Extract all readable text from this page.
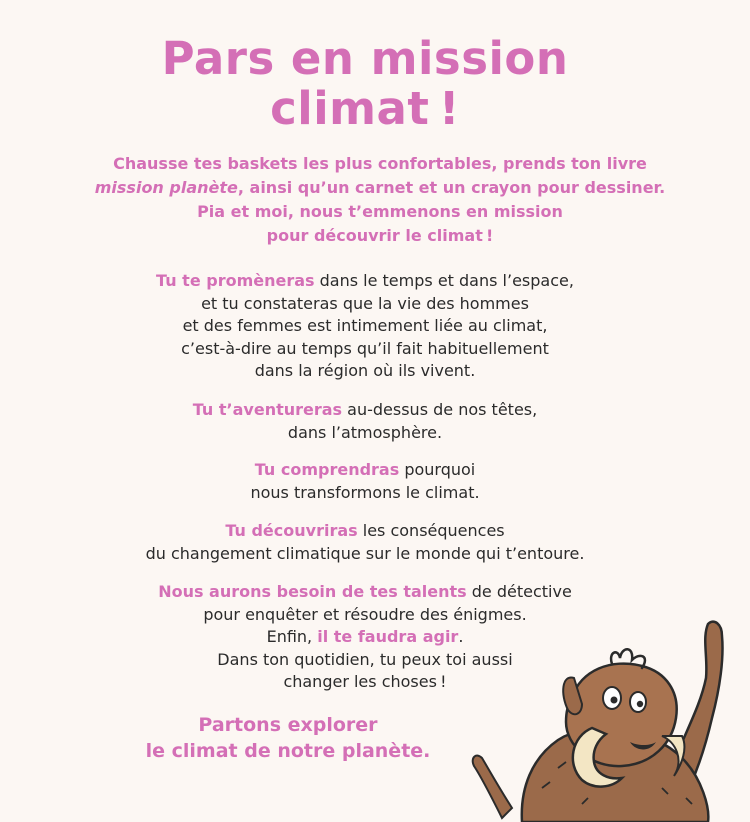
Pars en mission
climat !
Chausse tes baskets les plus confortables, prends ton livre
mission planète, ainsi qu’un carnet et un crayon pour dessiner.
Pia et moi, nous t’emmenons en mission
pour découvrir le climat !
Tu te promèneras dans le temps et dans l’espace,
et tu constateras que la vie des hommes
et des femmes est intimement liée au climat,
c’est-à-dire au temps qu’il fait habituellement
dans la région où ils vivent.
Tu t’aventureras au-dessus de nos têtes,
dans l’atmosphère.
Tu comprendras pourquoi
nous transformons le climat.
Tu découvriras les conséquences
du changement climatique sur le monde qui t’entoure.
Nous aurons besoin de tes talents de détective
pour enquêter et résoudre des énigmes.
Enfin, il te faudra agir.
Dans ton quotidien, tu peux toi aussi
changer les choses !
Partons explorer
le climat de notre planète.
